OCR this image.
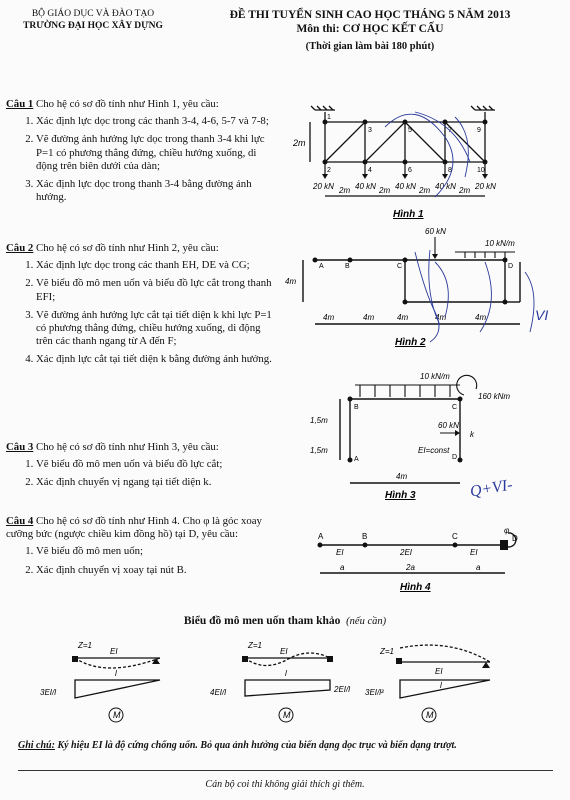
BỘ GIÁO DỤC VÀ ĐÀO TẠO
TRƯỜNG ĐẠI HỌC XÂY DỰNG
ĐỀ THI TUYỂN SINH CAO HỌC THÁNG 5 NĂM 2013
Môn thi: CƠ HỌC KẾT CẤU
(Thời gian làm bài 180 phút)
Câu 1 Cho hệ có sơ đồ tính như Hình 1, yêu cầu:
1. Xác định lực dọc trong các thanh 3-4, 4-6, 5-7 và 7-8;
2. Vẽ đường ảnh hưởng lực dọc trong thanh 3-4 khi lực P=1 có phương thẳng đứng, chiều hướng xuống, di động trên biên dưới của dàn;
3. Xác định lực dọc trong thanh 3-4 bằng đường ảnh hưởng.
Câu 2 Cho hệ có sơ đồ tính như Hình 2, yêu cầu:
1. Xác định lực dọc trong các thanh EH, DE và CG;
2. Vẽ biểu đồ mô men uốn và biểu đồ lực cắt trong thanh EFI;
3. Vẽ đường ảnh hưởng lực cắt tại tiết diện k khi lực P=1 có phương thẳng đứng, chiều hướng xuống, di động trên các thanh ngang từ A đến F;
4. Xác định lực cắt tại tiết diện k bằng đường ảnh hưởng.
Câu 3 Cho hệ có sơ đồ tính như Hình 3, yêu cầu:
1. Vẽ biểu đồ mô men uốn và biểu đồ lực cắt;
2. Xác định chuyển vị ngang tại tiết diện k.
Câu 4 Cho hệ có sơ đồ tính như Hình 4. Cho φ là góc xoay cưỡng bức (ngược chiều kim đồng hồ) tại D, yêu cầu:
1. Vẽ biểu đồ mô men uốn;
2. Xác định chuyển vị xoay tại nút B.
2m
1
2
3
4
5
6
7
8
9
10
20 kN	40 kN 40 kN 40 kN 20 kN
2m	2m	2m	2m
Hình 1
60 kN
10 kN/m
4m
A	B	C	D
4m	4m	4m	4m	4m
Hình 2
VI
10 kN/m
160 kNm
60 kN
1,5m
1,5m
4m
EI=const
A
B	C
D
k
Hình 3	Q+VI-
A	B	C	D
φ
EI	2EI	EI
a	2a	a
Hình 4
Biểu đồ mô men uốn tham khảo (nếu cần)
Z=1
EI
l
3EI/l
M
Z=1
EI
l
4EI/l	2EI/l
M
Z=1
EI
l
3EI/l²
M
Ghi chú: Ký hiệu EI là độ cứng chống uốn. Bỏ qua ảnh hưởng của biến dạng dọc trục và biến dạng trượt.
Cán bộ coi thi không giải thích gì thêm.
